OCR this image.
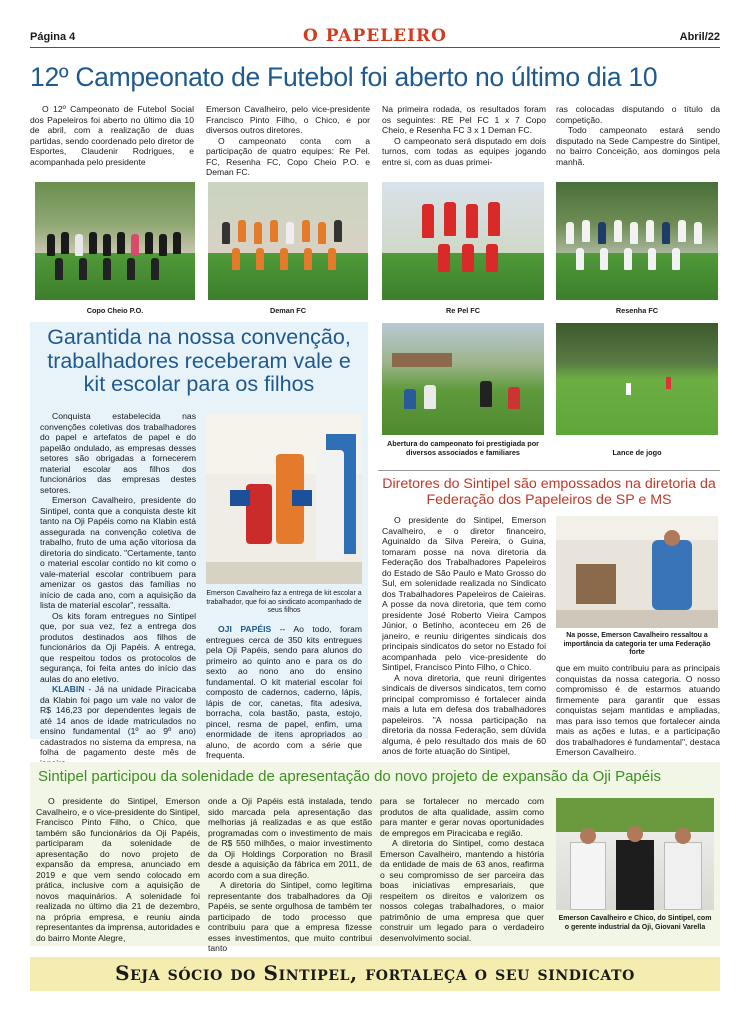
Página 4	O PAPELEIRO	Abril/22
12º Campeonato de Futebol foi aberto no último dia 10

O 12º Campeonato de Futebol Social dos Papeleiros foi aberto no último dia 10 de abril, com a realização de duas partidas, sendo coordenado pelo diretor de Esportes, Claudenir Rodrigues, e acompanhada pelo presidente

Emerson Cavalheiro, pelo vice-presidente Francisco Pinto Filho, o Chico, e por diversos outros diretores.

O campeonato conta com a participação de quatro equipes: Re Pel. FC, Resenha FC, Copo Cheio P.O. e Deman FC.

Na primeira rodada, os resultados foram os seguintes: RE Pel FC 1 x 7 Copo Cheio, e Resenha FC 3 x 1 Deman FC.

O campeonato será disputado em dois turnos, com todas as equipes jogando entre si, com as duas primei-

ras colocadas disputando o título da competição.

Todo campeonato estará sendo disputado na Sede Campestre do Sintipel, no bairro Conceição, aos domingos pela manhã.

Copo Cheio P.O.	Deman FC	Re Pel FC	Resenha FC
Abertura do campeonato foi prestigiada por diversos associados e familiares	Lance de jogo
Garantida na nossa convenção, trabalhadores receberam vale e kit escolar para os filhos

Conquista estabelecida nas convenções coletivas dos trabalhadores do papel e artefatos de papel e do papelão ondulado, as empresas desses setores são obrigadas a fornecerem material escolar aos filhos dos funcionários das empresas destes setores.

Emerson Cavalheiro, presidente do Sintipel, conta que a conquista deste kit tanto na Oji Papéis como na Klabin está assegurada na convenção coletiva de trabalho, fruto de uma ação vitoriosa da diretoria do sindicato. "Certamente, tanto o material escolar contido no kit como o vale-material escolar contribuem para amenizar os gastos das famílias no início de cada ano, com a aquisição da lista de material escolar", ressalta.

Os kits foram entregues no Sintipel que, por sua vez, fez a entrega dos produtos destinados aos filhos de funcionários da Oji Papéis. A entrega, que respeitou todos os protocolos de segurança, foi feita antes do início das aulas do ano eletivo.

KLABIN - Já na unidade Piracicaba da Klabin foi pago um vale no valor de R$ 146,23 por dependentes legais de até 14 anos de idade matriculados no ensino fundamental (1º ao 9º ano) cadastrados no sistema da empresa, na folha de pagamento deste mês de

Emerson Cavalheiro faz a entrega de kit escolar a trabalhador, que foi ao sindicato acompanhado de seus filhos

OJI PAPÉIS -- Ao todo, foram entregues cerca de 350 kits entregues pela Oji Papéis, sendo para alunos do primeiro ao quinto ano e para os do sexto ao nono ano do ensino fundamental. O kit material escolar foi composto de cadernos, caderno, lápis, lápis de cor, canetas, fita adesiva, borracha, cola bastão, pasta, estojo, pincel, resma de papel, enfim, uma enormidade de itens apropriados ao aluno, de acordo com a série que frequenta.

Diretores do Sintipel são empossados na diretoria da Federação dos Papeleiros de SP e MS

O presidente do Sintipel, Emerson Cavalheiro, e o diretor financeiro, Aguinaldo da Silva Pereira, o Guina, tomaram posse na nova diretoria da Federação dos Trabalhadores Papeleiros do Estado de São Paulo e Mato Grosso do Sul, em solenidade realizada no Sindicato dos Trabalhadores Papeleiros de Caieiras. A posse da nova diretoria, que tem como presidente José Roberto Vieira Campos Júnior, o Betinho, aconteceu em 26 de janeiro, e reuniu dirigentes sindicais dos principais sindicatos do setor no Estado foi acompanhada pelo vice-presidente do Sintipel, Francisco Pinto Filho, o Chico.

A nova diretoria, que reuni dirigentes sindicais de diversos sindicatos, tem como principal compromisso é fortalecer ainda mais a luta em defesa dos trabalhadores papeleiros. "A nossa participação na diretoria da nossa Federação, sem dúvida alguma, é pelo resultado dos mais de 60 anos de forte atuação do Sintipel,

Na posse, Emerson Cavalheiro ressaltou a importância da categoria ter uma Federação forte

que em muito contribuiu para as principais conquistas da nossa categoria. O nosso compromisso é de estarmos atuando firmemente para garantir que essas conquistas sejam mantidas e ampliadas, mas para isso temos que fortalecer ainda mais as ações e lutas, e a participação dos trabalhadores é fundamental", destaca Emerson Cavalheiro.

Sintipel participou da solenidade de apresentação do novo projeto de expansão da Oji Papéis

O presidente do Sintipel, Emerson Cavalheiro, e o vice-presidente do Sintipel, Francisco Pinto Filho, o Chico, que também são funcionários da Oji Papéis, participaram da solenidade de apresentação do novo projeto de expansão da empresa, anunciado em 2019 e que vem sendo colocado em prática, inclusive com a aquisição de novos maquinários. A solenidade foi realizada no último dia 21 de dezembro, na própria empresa, e reuniu ainda representantes da imprensa, autoridades e do bairro Monte Alegre,

onde a Oji Papéis está instalada, tendo sido marcada pela apresentação das melhorias já realizadas e as que estão programadas com o investimento de mais de R$ 550 milhões, o maior investimento da Oji Holdings Corporation no Brasil desde a aquisição da fábrica em 2011, de acordo com a sua direção.

A diretoria do Sintipel, como legítima representante dos trabalhadores da Oji Papéis, se sente orgulhosa de também ter participado de todo processo que contribuiu para que a empresa fizesse esses investimentos, que muito contribui tanto

para se fortalecer no mercado com produtos de alta qualidade, assim como para manter e gerar novas oportunidades de empregos em Piracicaba e região.

A diretoria do Sintipel, como destaca Emerson Cavalheiro, mantendo a história da entidade de mais de 63 anos, reafirma o seu compromisso de ser parceira das boas iniciativas empresariais, que respeitem os direitos e valorizem os nossos colegas trabalhadores, o maior patrimônio de uma empresa que quer construir um legado para o verdadeiro desenvolvimento social.

Emerson Cavalheiro e Chico, do Sintipel, com o gerente industrial da Oji, Giovani Varella
Seja sócio do Sintipel, fortaleça o seu sindicato
